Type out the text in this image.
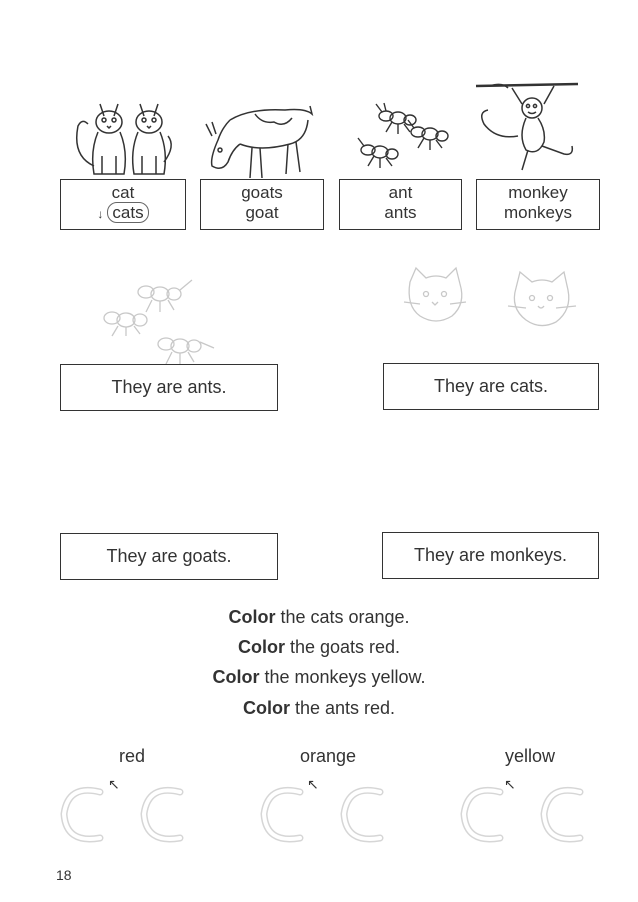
cat
↓ cats
goats
goat
ant
ants
monkey
monkeys
They are ants.	They are cats.
They are goats.	They are monkeys.
Color the cats orange.
Color the goats red.
Color the monkeys yellow.
Color the ants red.
red	orange	yellow
↖	↖	↖
18
